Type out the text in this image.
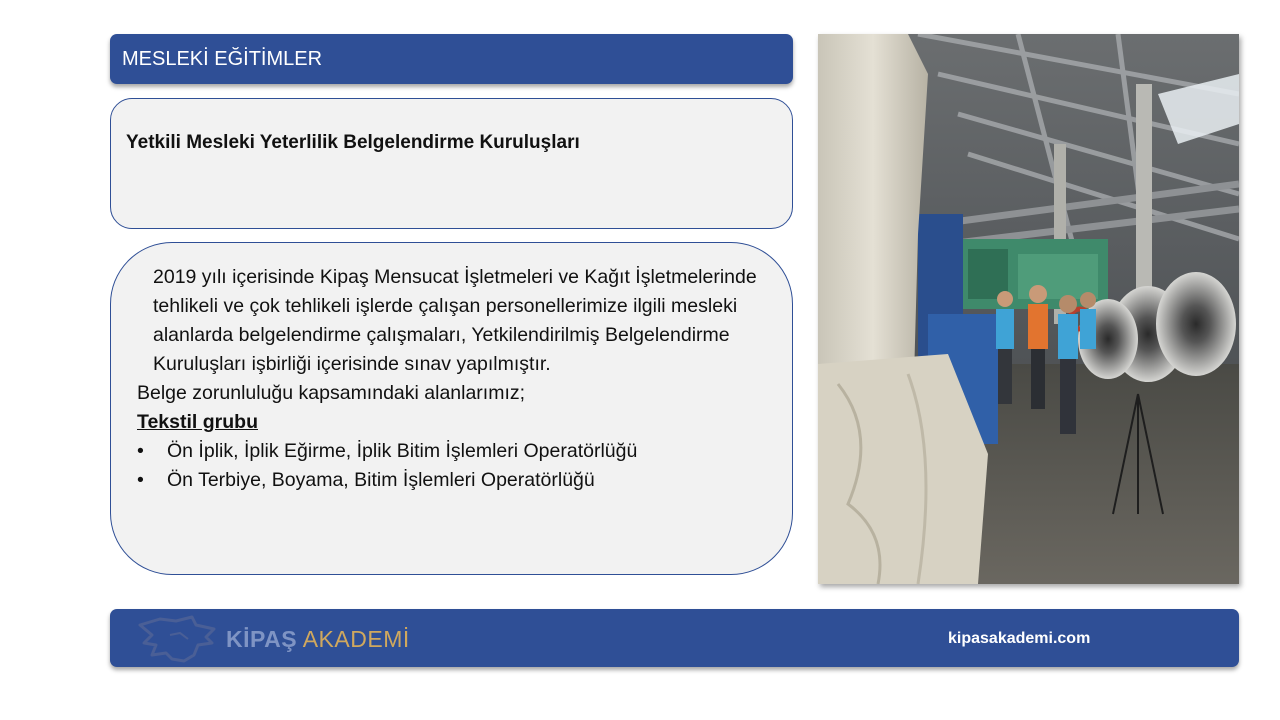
MESLEKİ EĞİTİMLER
Yetkili Mesleki Yeterlilik Belgelendirme Kuruluşları

2019 yılı içerisinde Kipaş Mensucat İşletmeleri ve Kağıt İşletmelerinde tehlikeli ve çok tehlikeli işlerde çalışan personellerimize ilgili mesleki alanlarda belgelendirme çalışmaları, Yetkilendirilmiş Belgelendirme Kuruluşları işbirliği içerisinde sınav yapılmıştır.

Belge zorunluluğu kapsamındaki alanlarımız;

Tekstil grubu

• Ön İplik, İplik Eğirme, İplik Bitim İşlemleri Operatörlüğü
• Ön Terbiye, Boyama, Bitim İşlemleri Operatörlüğü
KİPAŞ AKADEMİ	kipasakademi.com
